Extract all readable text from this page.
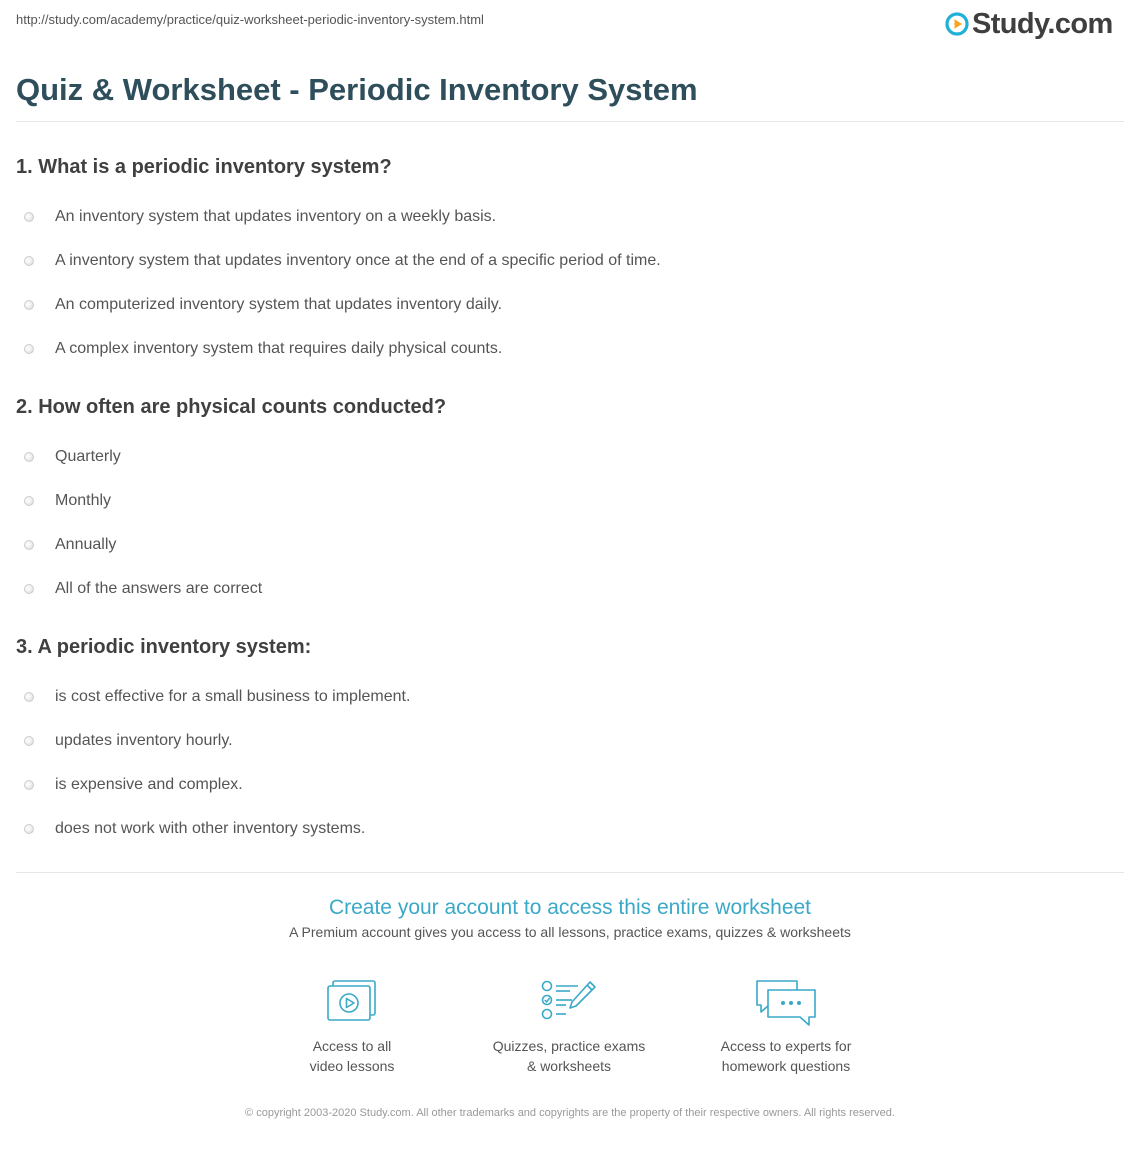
http://study.com/academy/practice/quiz-worksheet-periodic-inventory-system.html	Study.com
Quiz & Worksheet - Periodic Inventory System
1. What is a periodic inventory system?
An inventory system that updates inventory on a weekly basis.
A inventory system that updates inventory once at the end of a specific period of time.
An computerized inventory system that updates inventory daily.
A complex inventory system that requires daily physical counts.
2. How often are physical counts conducted?
Quarterly
Monthly
Annually
All of the answers are correct
3. A periodic inventory system:
is cost effective for a small business to implement.
updates inventory hourly.
is expensive and complex.
does not work with other inventory systems.
Create your account to access this entire worksheet
A Premium account gives you access to all lessons, practice exams, quizzes & worksheets
Access to all
video lessons
Quizzes, practice exams
& worksheets
Access to experts for
homework questions
© copyright 2003-2020 Study.com. All other trademarks and copyrights are the property of their respective owners. All rights reserved.
